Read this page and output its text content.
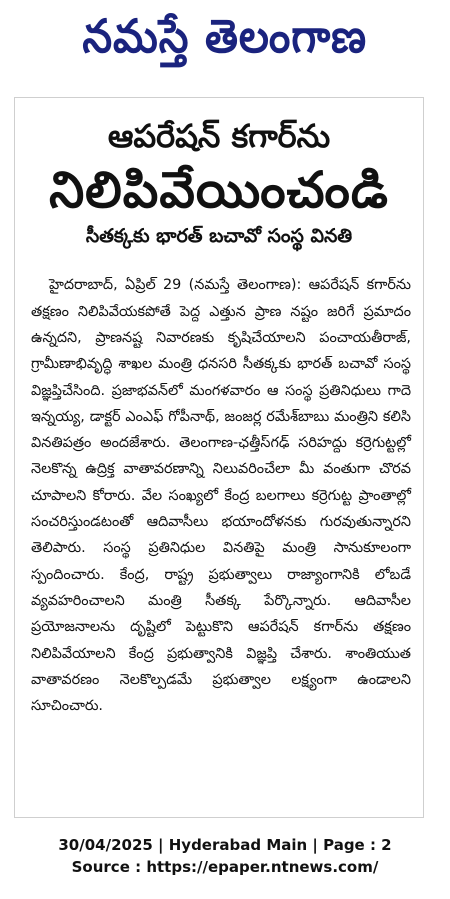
నమస్తే తెలంగాణ
ఆపరేషన్ కగార్‌ను
నిలిపివేయించండి
సీతక్కకు భారత్ బచావో సంస్థ వినతి

హైదరాబాద్, ఏప్రిల్ 29 (నమస్తే తెలంగాణ): ఆపరేషన్ కగార్‌ను తక్షణం నిలిపివేయకపోతే పెద్ద ఎత్తున ప్రాణ నష్టం జరిగే ప్రమాదం ఉన్నదని, ప్రాణనష్ట నివారణకు కృషిచేయాలని పంచాయతీరాజ్, గ్రామీణాభివృద్ధి శాఖల మంత్రి ధనసరి సీతక్కకు భారత్ బచావో సంస్థ విజ్ఞప్తిచేసింది. ప్రజాభవన్‌లో మంగళవారం ఆ సంస్థ ప్రతినిధులు గాదె ఇన్నయ్య, డాక్టర్ ఎంఎఫ్ గోపీనాథ్, జంజర్ల రమేశ్‌బాబు మంత్రిని కలిసి వినతిపత్రం అందజేశారు. తెలంగాణ-ఛత్తీస్‌గఢ్ సరిహద్దు కర్రెగుట్టల్లో నెలకొన్న ఉద్రిక్త వాతావరణాన్ని నిలువరించేలా మీ వంతుగా చొరవ చూపాలని కోరారు. వేల సంఖ్యలో కేంద్ర బలగాలు కర్రెగుట్ట ప్రాంతాల్లో సంచరిస్తుండటంతో ఆదివాసీలు భయాందోళనకు గురవుతున్నారని తెలిపారు. సంస్థ ప్రతినిధుల వినతిపై మంత్రి సానుకూలంగా స్పందించారు. కేంద్ర, రాష్ట్ర ప్రభుత్వాలు రాజ్యాంగానికి లోబడే వ్యవహరించాలని మంత్రి సీతక్క పేర్కొన్నారు. ఆదివాసీల ప్రయోజనాలను దృష్టిలో పెట్టుకొని ఆపరేషన్ కగార్‌ను తక్షణం నిలిపివేయాలని కేంద్ర ప్రభుత్వానికి విజ్ఞప్తి చేశారు. శాంతియుత వాతావరణం నెలకొల్పడమే ప్రభుత్వాల లక్ష్యంగా ఉండాలని సూచించారు.

30/04/2025 | Hyderabad Main | Page : 2
Source : https://epaper.ntnews.com/
